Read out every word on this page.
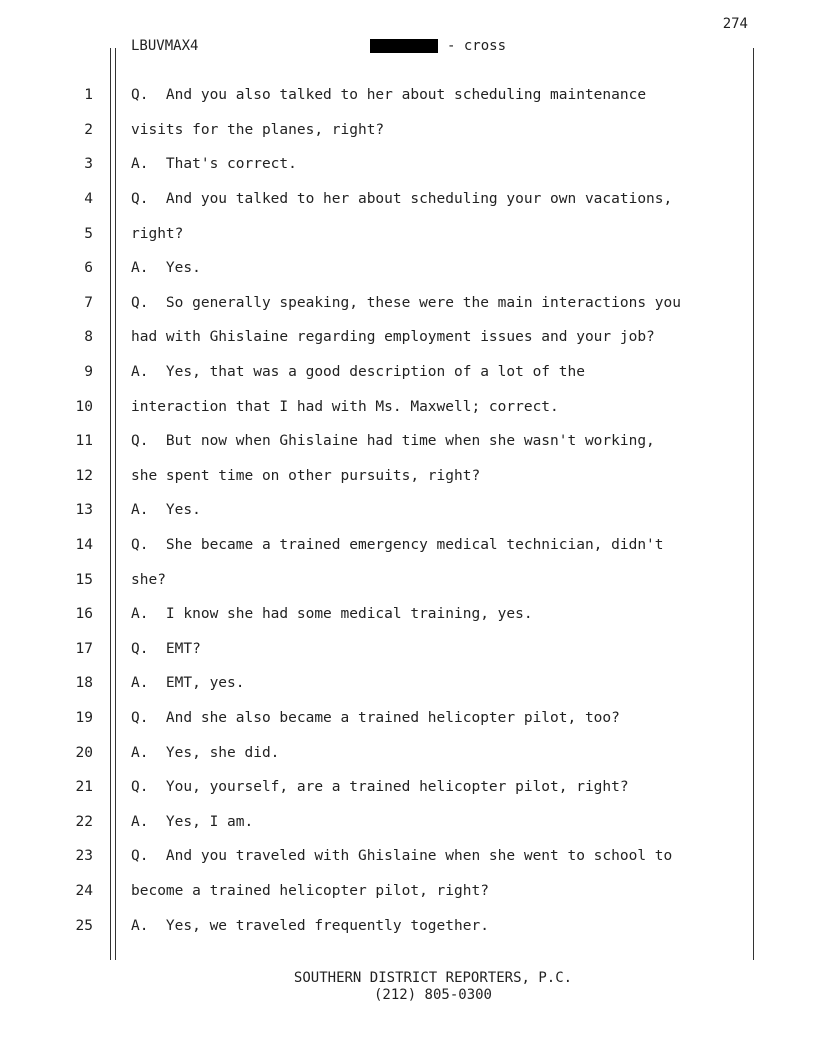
274
LBUVMAX4	- cross
1	Q.  And you also talked to her about scheduling maintenance
2	visits for the planes, right?
3	A.  That's correct.
4	Q.  And you talked to her about scheduling your own vacations,
5	right?
6	A.  Yes.
7	Q.  So generally speaking, these were the main interactions you
8	had with Ghislaine regarding employment issues and your job?
9	A.  Yes, that was a good description of a lot of the
10	interaction that I had with Ms. Maxwell; correct.
11	Q.  But now when Ghislaine had time when she wasn't working,
12	she spent time on other pursuits, right?
13	A.  Yes.
14	Q.  She became a trained emergency medical technician, didn't
15	she?
16	A.  I know she had some medical training, yes.
17	Q.  EMT?
18	A.  EMT, yes.
19	Q.  And she also became a trained helicopter pilot, too?
20	A.  Yes, she did.
21	Q.  You, yourself, are a trained helicopter pilot, right?
22	A.  Yes, I am.
23	Q.  And you traveled with Ghislaine when she went to school to
24	become a trained helicopter pilot, right?
25	A.  Yes, we traveled frequently together.
SOUTHERN DISTRICT REPORTERS, P.C.
(212) 805-0300
